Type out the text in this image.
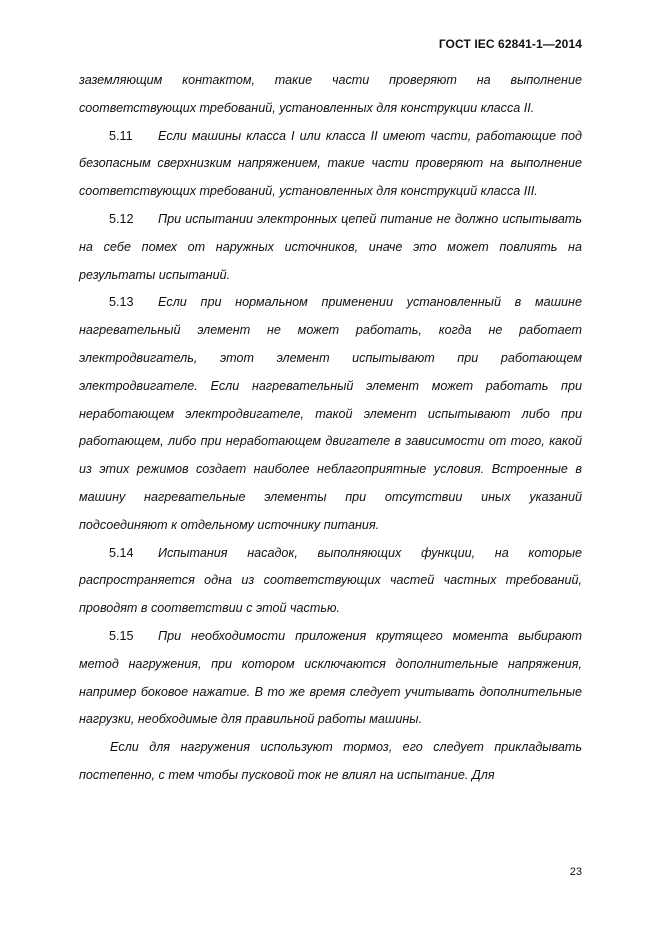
ГОСТ IEC 62841-1—2014

заземляющим контактом, такие части проверяют на выполнение соответствующих требований, установленных для конструкции класса II.

5.11 Если машины класса I или класса II имеют части, работающие под безопасным сверхнизким напряжением, такие части проверяют на выполнение соответствующих требований, установленных для конструкций класса III.

5.12 При испытании электронных цепей питание не должно испытывать на себе помех от наружных источников, иначе это может повлиять на результаты испытаний.

5.13 Если при нормальном применении установленный в машине нагревательный элемент не может работать, когда не работает электродвигатель, этот элемент испытывают при работающем электродвигателе. Если нагревательный элемент может работать при неработающем электродвигателе, такой элемент испытывают либо при работающем, либо при неработающем двигателе в зависимости от того, какой из этих режимов создает наиболее неблагоприятные условия. Встроенные в машину нагревательные элементы при отсутствии иных указаний подсоединяют к отдельному источнику питания.

5.14 Испытания насадок, выполняющих функции, на которые распространяется одна из соответствующих частей частных требований, проводят в соответствии с этой частью.

5.15 При необходимости приложения крутящего момента выбирают метод нагружения, при котором исключаются дополнительные напряжения, например боковое нажатие. В то же время следует учитывать дополнительные нагрузки, необходимые для правильной работы машины.

Если для нагружения используют тормоз, его следует прикладывать постепенно, с тем чтобы пусковой ток не влиял на испытание. Для

23
